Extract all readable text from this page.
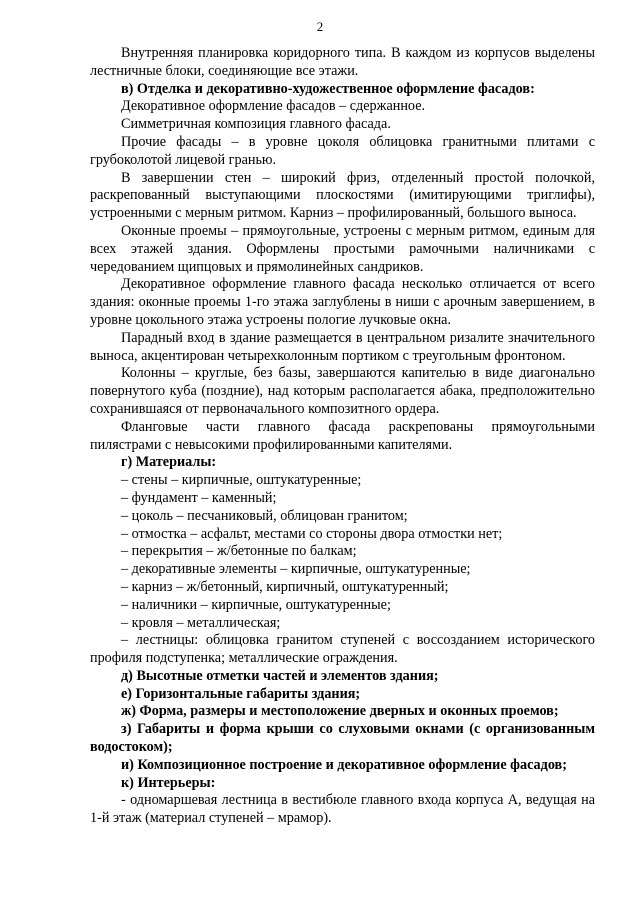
2

Внутренняя планировка коридорного типа. В каждом из корпусов выделены лестничные блоки, соединяющие все этажи.

в) Отделка и декоративно-художественное оформление фасадов:

Декоративное оформление фасадов – сдержанное.

Симметричная композиция главного фасада.

Прочие фасады – в уровне цоколя облицовка гранитными плитами с грубоколотой лицевой гранью.

В завершении стен – широкий фриз, отделенный простой полочкой, раскрепованный выступающими плоскостями (имитирующими триглифы), устроенными с мерным ритмом. Карниз – профилированный, большого выноса.

Оконные проемы – прямоугольные, устроены с мерным ритмом, единым для всех этажей здания. Оформлены простыми рамочными наличниками с чередованием щипцовых и прямолинейных сандриков.

Декоративное оформление главного фасада несколько отличается от всего здания: оконные проемы 1-го этажа заглублены в ниши с арочным завершением, в уровне цокольного этажа устроены пологие лучковые окна.

Парадный вход в здание размещается в центральном ризалите значительного выноса, акцентирован четырехколонным портиком с треугольным фронтоном.

Колонны – круглые, без базы, завершаются капителью в виде диагонально повернутого куба (поздние), над которым располагается абака, предположительно сохранившаяся от первоначального композитного ордера.

Фланговые части главного фасада раскрепованы прямоугольными пилястрами с невысокими профилированными капителями.

г) Материалы:

– стены – кирпичные, оштукатуренные;

– фундамент – каменный;

– цоколь – песчаниковый, облицован гранитом;

– отмостка – асфальт, местами со стороны двора отмостки нет;

– перекрытия – ж/бетонные по балкам;

– декоративные элементы – кирпичные, оштукатуренные;

– карниз – ж/бетонный, кирпичный, оштукатуренный;

– наличники – кирпичные, оштукатуренные;

– кровля – металлическая;

– лестницы: облицовка гранитом ступеней с воссозданием исторического профиля подступенка; металлические ограждения.

д) Высотные отметки частей и элементов здания;

е) Горизонтальные габариты здания;

ж) Форма, размеры и местоположение дверных и оконных проемов;

з) Габариты и форма крыши со слуховыми окнами (с организованным водостоком);

и) Композиционное построение и декоративное оформление фасадов;

к) Интерьеры:

- одномаршевая лестница в вестибюле главного входа корпуса А, ведущая на 1-й этаж (материал ступеней – мрамор).
